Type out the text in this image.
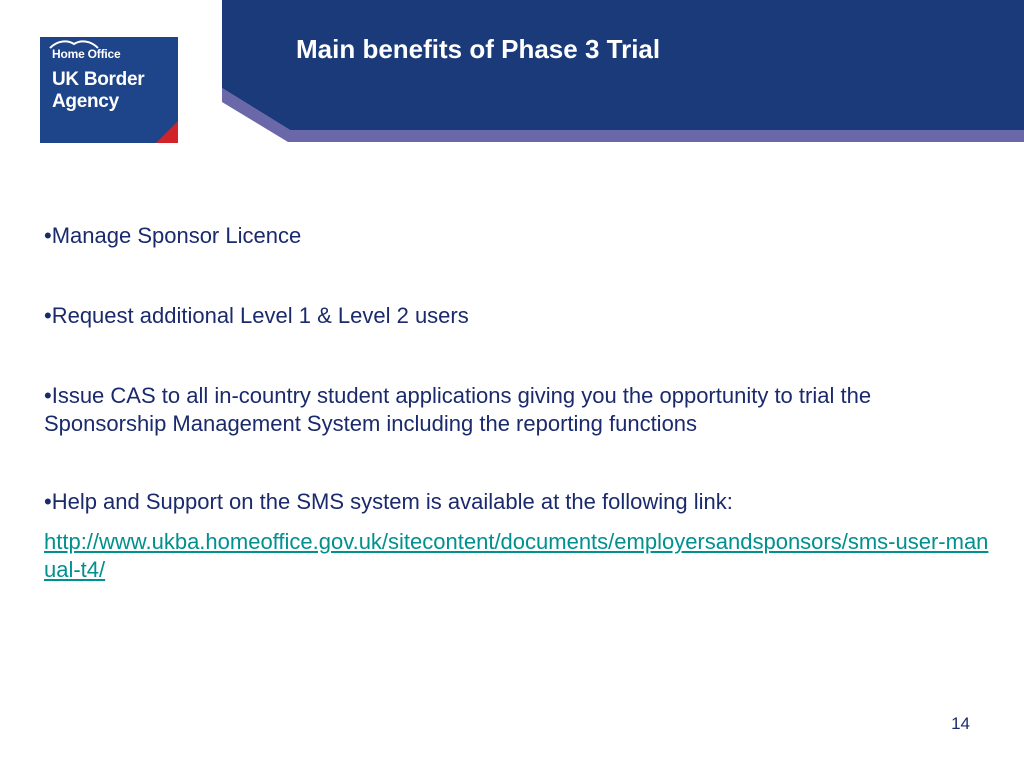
Home Office
UK Border
Agency
Main benefits of Phase 3 Trial

•Manage Sponsor Licence

•Request additional Level 1 & Level 2 users

•Issue CAS to all in-country student applications giving you the opportunity to trial the Sponsorship Management System including the reporting functions

•Help and Support on the SMS system is available at the following link:

http://www.ukba.homeoffice.gov.uk/sitecontent/documents/employersandsponsors/sms-user-manual-t4/
14
